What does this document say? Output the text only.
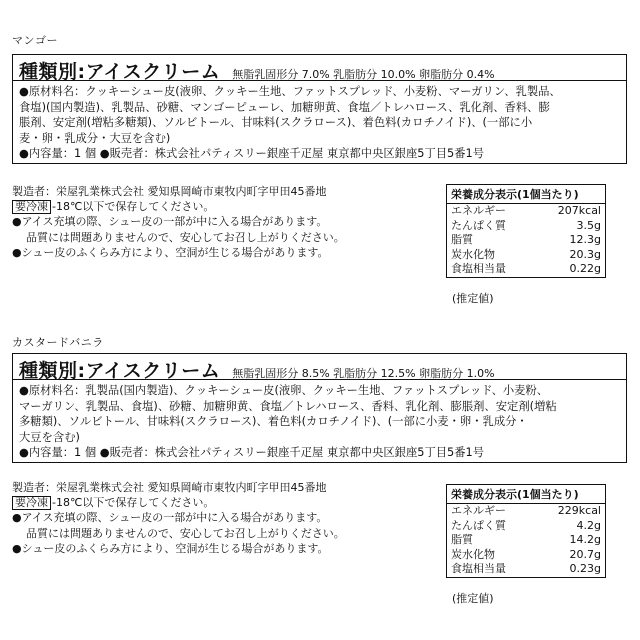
マンゴー
種類別:アイスクリーム 無脂乳固形分 7.0% 乳脂肪分 10.0% 卵脂肪分 0.4%
●原材料名：クッキーシュー皮(液卵、クッキー生地、ファットスプレッド、小麦粉、マーガリン、乳製品、
食塩)(国内製造)、乳製品、砂糖、マンゴーピューレ、加糖卵黄、食塩／トレハロース、乳化剤、香料、膨
脹剤、安定剤(増粘多糖類)、ソルビトール、甘味料(スクラロース)、着色料(カロチノイド)、(一部に小
麦・卵・乳成分・大豆を含む)
●内容量：1 個 ●販売者：株式会社パティスリー銀座千疋屋 東京都中央区銀座5丁目5番1号
製造者：栄屋乳業株式会社 愛知県岡崎市東牧内町字甲田45番地
要冷凍 -18℃以下で保存してください。
●アイス充填の際、シュー皮の一部が中に入る場合があります。
品質には問題ありませんので、安心してお召し上がりください。
●シュー皮のふくらみ方により、空洞が生じる場合があります。
栄養成分表示(1個当たり)
エネルギー	207kcal
たんぱく質	3.5g
脂質	12.3g
炭水化物	20.3g
食塩相当量	0.22g
(推定値)
カスタードバニラ
種類別:アイスクリーム 無脂乳固形分 8.5% 乳脂肪分 12.5% 卵脂肪分 1.0%
●原材料名：乳製品(国内製造)、クッキーシュー皮(液卵、クッキー生地、ファットスプレッド、小麦粉、
マーガリン、乳製品、食塩)、砂糖、加糖卵黄、食塩／トレハロース、香料、乳化剤、膨脹剤、安定剤(増粘
多糖類)、ソルビトール、甘味料(スクラロース)、着色料(カロチノイド)、(一部に小麦・卵・乳成分・
大豆を含む)
●内容量：1 個 ●販売者：株式会社パティスリー銀座千疋屋 東京都中央区銀座5丁目5番1号
製造者：栄屋乳業株式会社 愛知県岡崎市東牧内町字甲田45番地
要冷凍 -18℃以下で保存してください。
●アイス充填の際、シュー皮の一部が中に入る場合があります。
品質には問題ありませんので、安心してお召し上がりください。
●シュー皮のふくらみ方により、空洞が生じる場合があります。
栄養成分表示(1個当たり)
エネルギー	229kcal
たんぱく質	4.2g
脂質	14.2g
炭水化物	20.7g
食塩相当量	0.23g
(推定値)
